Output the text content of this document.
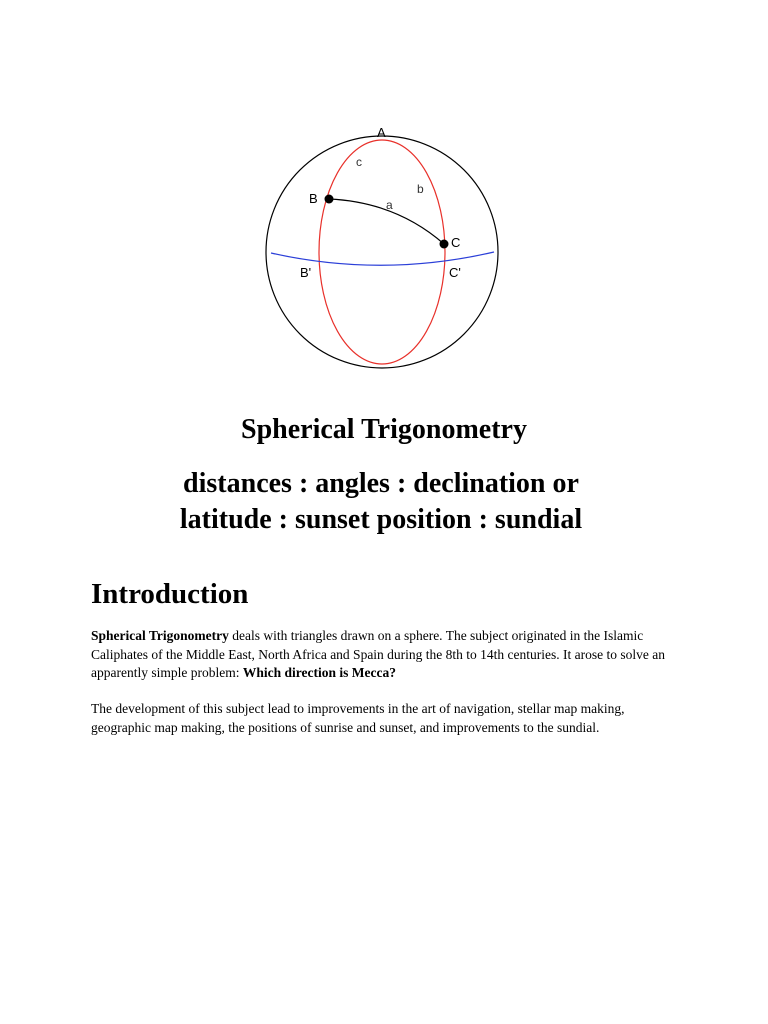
A
B
C
B'	C'
c
b
a
Spherical Trigonometry
distances : angles : declination or latitude : sunset position : sundial
Introduction

Spherical Trigonometry deals with triangles drawn on a sphere. The subject originated in the Islamic Caliphates of the Middle East, North Africa and Spain during the 8th to 14th centuries. It arose to solve an apparently simple problem: Which direction is Mecca?

The development of this subject lead to improvements in the art of navigation, stellar map making, geographic map making, the positions of sunrise and sunset, and improvements to the sundial.
